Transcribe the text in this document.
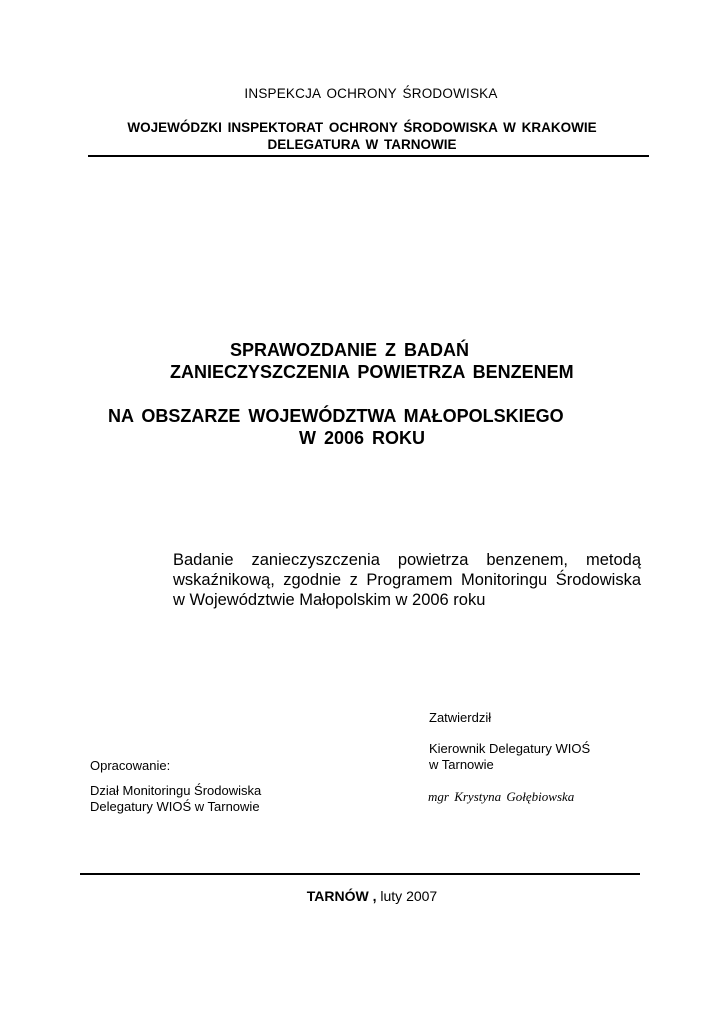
INSPEKCJA OCHRONY ŚRODOWISKA
WOJEWÓDZKI INSPEKTORAT OCHRONY ŚRODOWISKA W KRAKOWIE
DELEGATURA W TARNOWIE
SPRAWOZDANIE Z BADAŃ
ZANIECZYSZCZENIA POWIETRZA BENZENEM
NA OBSZARZE WOJEWÓDZTWA MAŁOPOLSKIEGO
W 2006 ROKU
Badanie zanieczyszczenia powietrza benzenem, metodą
wskaźnikową, zgodnie z Programem Monitoringu Środowiska
w Województwie Małopolskim w 2006 roku
Zatwierdził
Kierownik Delegatury WIOŚ
w Tarnowie
mgr Krystyna Gołębiowska
Opracowanie:
Dział Monitoringu Środowiska
Delegatury WIOŚ w Tarnowie
TARNÓW , luty 2007
